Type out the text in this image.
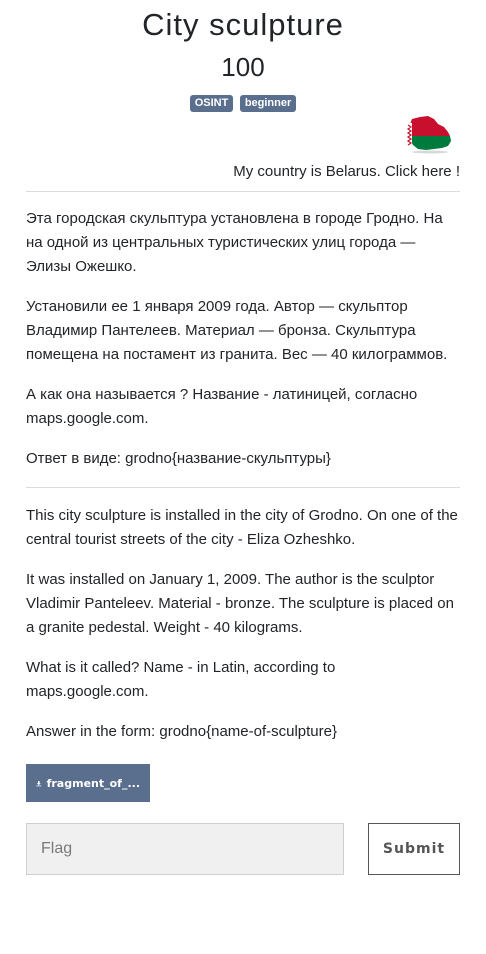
City sculpture
100
OSINT beginner
My country is Belarus. Click here !

Эта городская скульптура установлена в городе Гродно. На на одной из центральных туристических улиц города — Элизы Ожешко.

Установили ее 1 января 2009 года. Автор — скульптор Владимир Пантелеев. Материал — бронза. Скульптура помещена на постамент из гранита. Вес — 40 килограммов.

А как она называется ? Название - латиницей, согласно maps.google.com.

Ответ в виде: grodno{название-скульптуры}

This city sculpture is installed in the city of Grodno. On one of the central tourist streets of the city - Eliza Ozheshko.

It was installed on January 1, 2009. The author is the sculptor Vladimir Panteleev. Material - bronze. The sculpture is placed on a granite pedestal. Weight - 40 kilograms.

What is it called? Name - in Latin, according to maps.google.com.

Answer in the form: grodno{name-of-sculpture}

fragment_of_...
Flag
Submit
